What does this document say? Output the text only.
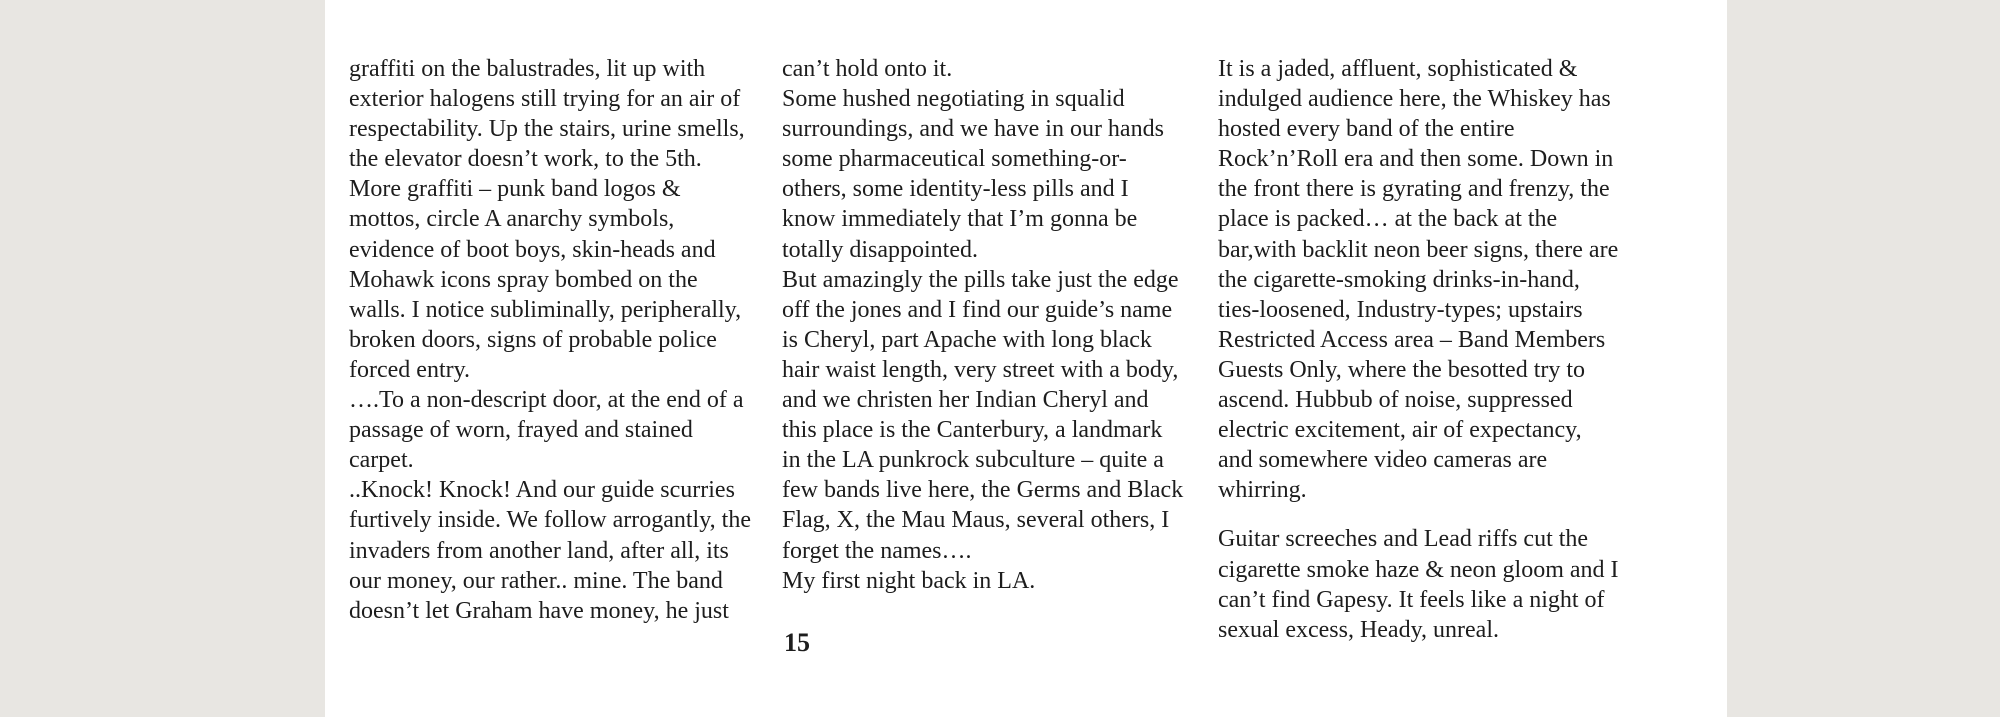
graffiti on the balustrades, lit up with
exterior halogens still trying for an air of
respectability. Up the stairs, urine smells,
the elevator doesn’t work, to the 5th.
More graffiti – punk band logos &
mottos, circle A anarchy symbols,
evidence of boot boys, skin-heads and
Mohawk icons spray bombed on the
walls. I notice subliminally, peripherally,
broken doors, signs of probable police
forced entry.
….To a non-descript door, at the end of a
passage of worn, frayed and stained
carpet.
..Knock! Knock! And our guide scurries
furtively inside. We follow arrogantly, the
invaders from another land, after all, its
our money, our rather.. mine. The band
doesn’t let Graham have money, he just
can’t hold onto it.
Some hushed negotiating in squalid
surroundings, and we have in our hands
some pharmaceutical something-or-
others, some identity-less pills and I
know immediately that I’m gonna be
totally disappointed.
But amazingly the pills take just the edge
off the jones and I find our guide’s name
is Cheryl, part Apache with long black
hair waist length, very street with a body,
and we christen her Indian Cheryl and
this place is the Canterbury, a landmark
in the LA punkrock subculture – quite a
few bands live here, the Germs and Black
Flag, X, the Mau Maus, several others, I
forget the names….
My first night back in LA.
It is a jaded, affluent, sophisticated &
indulged audience here, the Whiskey has
hosted every band of the entire
Rock’n’Roll era and then some. Down in
the front there is gyrating and frenzy, the
place is packed… at the back at the
bar,with backlit neon beer signs, there are
the cigarette-smoking drinks-in-hand,
ties-loosened, Industry-types; upstairs
Restricted Access area – Band Members
Guests Only, where the besotted try to
ascend. Hubbub of noise, suppressed
electric excitement, air of expectancy,
and somewhere video cameras are
whirring.
Guitar screeches and Lead riffs cut the
cigarette smoke haze & neon gloom and I
can’t find Gapesy. It feels like a night of
sexual excess, Heady, unreal.
15
